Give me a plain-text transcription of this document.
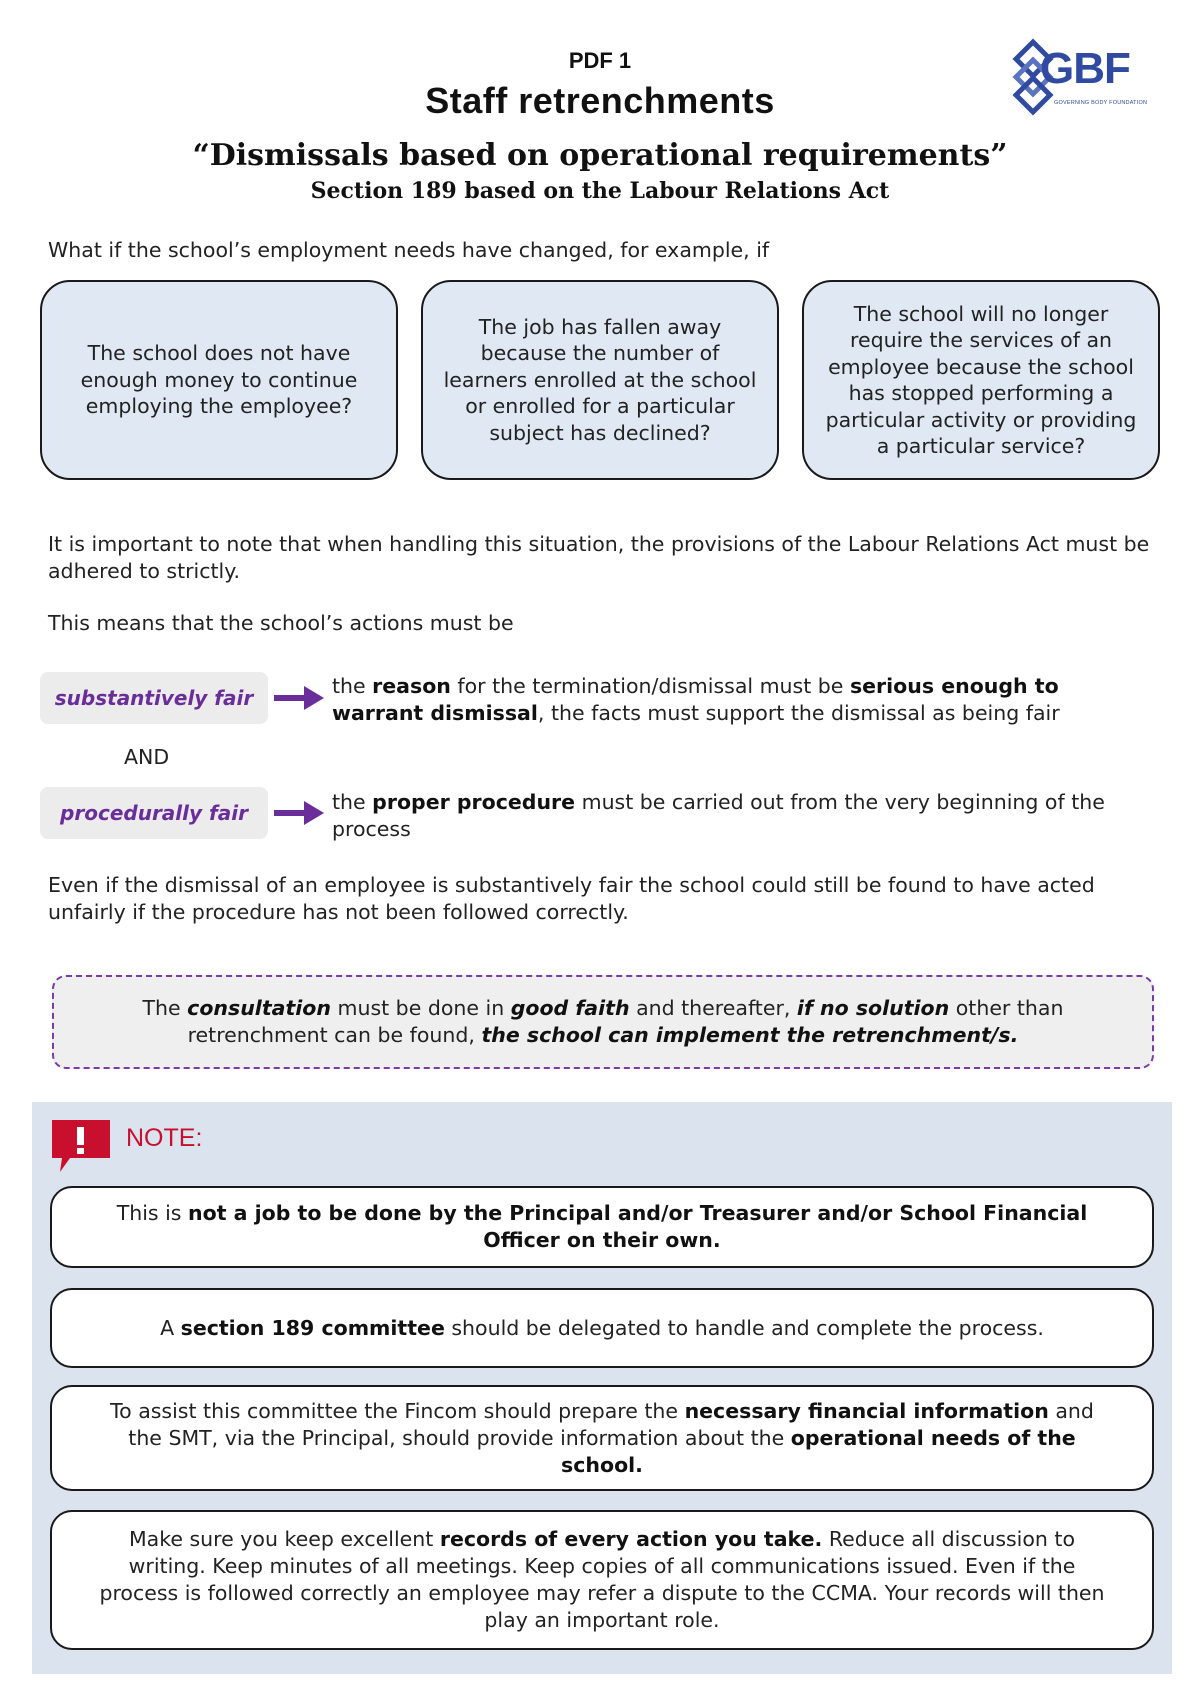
PDF 1
Staff retrenchments
“Dismissals based on operational requirements”
Section 189 based on the Labour Relations Act
GBF
GOVERNING BODY FOUNDATION
What if the school’s employment needs have changed, for example, if
The school does not have enough money to continue employing the employee?
The job has fallen away because the number of learners enrolled at the school or enrolled for a particular subject has declined?
The school will no longer require the services of an employee because the school has stopped performing a particular activity or providing a particular service?
It is important to note that when handling this situation, the provisions of the Labour Relations Act must be adhered to strictly.
This means that the school’s actions must be
substantively fair	the reason for the termination/dismissal must be serious enough to warrant dismissal, the facts must support the dismissal as being fair
AND
procedurally fair	the proper procedure must be carried out from the very beginning of the process
Even if the dismissal of an employee is substantively fair the school could still be found to have acted unfairly if the procedure has not been followed correctly.
The consultation must be done in good faith and thereafter, if no solution other than retrenchment can be found, the school can implement the retrenchment/s.
NOTE:
This is not a job to be done by the Principal and/or Treasurer and/or School Financial Officer on their own.
A section 189 committee should be delegated to handle and complete the process.
To assist this committee the Fincom should prepare the necessary financial information and the SMT, via the Principal, should provide information about the operational needs of the school.
Make sure you keep excellent records of every action you take. Reduce all discussion to writing. Keep minutes of all meetings. Keep copies of all communications issued. Even if the process is followed correctly an employee may refer a dispute to the CCMA. Your records will then play an important role.
